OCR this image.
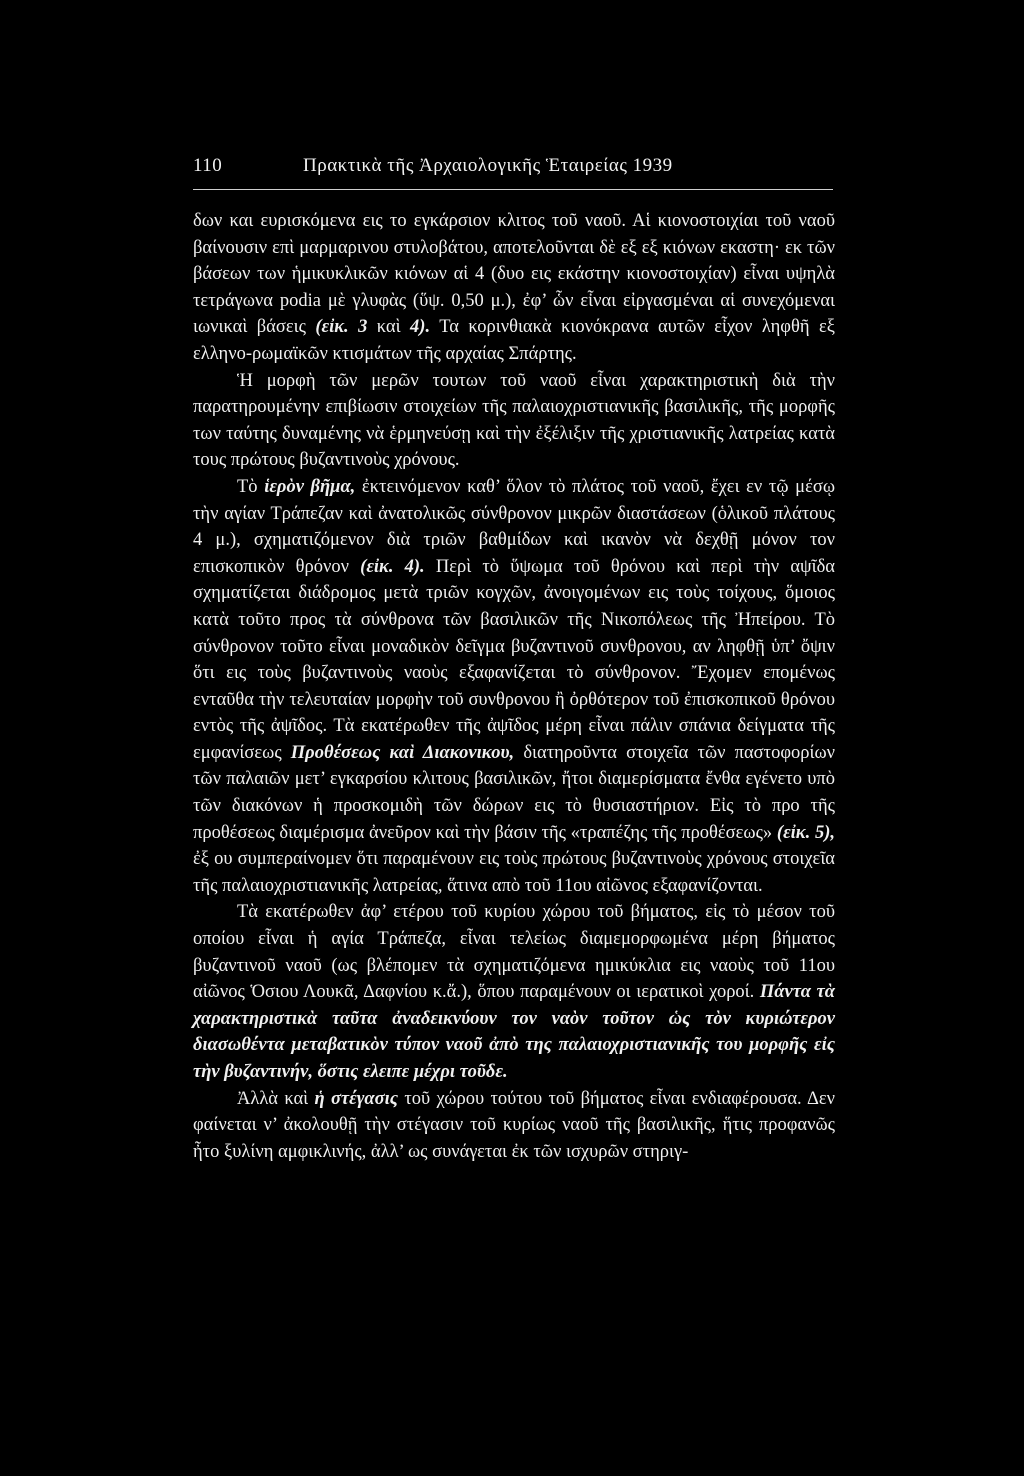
110	Πρακτικὰ τῆς Ἀρχαιολογικῆς Ἑταιρείας 1939

δων και ευρισκόμενα εις το εγκάρσιον κλιτος τοῦ ναοῦ. Αἱ κιονοστοιχίαι τοῦ ναοῦ βαίνουσιν επὶ μαρμαρινου στυλοβάτου, αποτελοῦνται δὲ εξ εξ κιόνων εκαστη· εκ τῶν βάσεων των ἡμικυκλικῶν κιόνων αἱ 4 (δυο εις εκάστην κιονοστοιχίαν) εἶναι υψηλὰ τετράγωνα podia μὲ γλυφὰς (ὕψ. 0,50 μ.), ἐφ’ ὧν εἶναι εἰργασμέναι αἱ συνεχόμεναι ιωνικαὶ βάσεις (εἰκ. 3 καὶ 4). Τα κορινθιακὰ κιονόκρανα αυτῶν εἶχον ληφθῆ εξ ελληνο-ρωμαϊκῶν κτισμάτων τῆς αρχαίας Σπάρτης.

Ἡ μορφὴ τῶν μερῶν τουτων τοῦ ναοῦ εἶναι χαρακτηριστικὴ διὰ τὴν παρατηρουμένην επιβίωσιν στοιχείων τῆς παλαιοχριστιανικῆς βασιλικῆς, τῆς μορφῆς των ταύτης δυναμένης νὰ ἑρμηνεύσῃ καὶ τὴν ἐξέλιξιν τῆς χριστιανικῆς λατρείας κατὰ τους πρώτους βυζαντινοὺς χρόνους.

Τὸ ἱερὸν βῆμα, ἐκτεινόμενον καθ’ ὅλον τὸ πλάτος τοῦ ναοῦ, ἔχει εν τῷ μέσῳ τὴν αγίαν Τράπεζαν καὶ ἀνατολικῶς σύνθρονον μικρῶν διαστάσεων (ὁλικοῦ πλάτους 4 μ.), σχηματιζόμενον διὰ τριῶν βαθμίδων καὶ ικανὸν νὰ δεχθῇ μόνον τον επισκοπικὸν θρόνον (εἰκ. 4). Περὶ τὸ ὕψωμα τοῦ θρόνου καὶ περὶ τὴν αψῖδα σχηματίζεται διάδρομος μετὰ τριῶν κογχῶν, ἀνοιγομένων εις τοὺς τοίχους, ὅμοιος κατὰ τοῦτο προς τὰ σύνθρονα τῶν βασιλικῶν τῆς Νικοπόλεως τῆς Ἠπείρου. Τὸ σύνθρονον τοῦτο εἶναι μοναδικὸν δεῖγμα βυζαντινοῦ συνθρονου, αν ληφθῇ ὑπ’ ὄψιν ὅτι εις τοὺς βυζαντινοὺς ναοὺς εξαφανίζεται τὸ σύνθρονον. Ἔχομεν επομένως ενταῦθα τὴν τελευταίαν μορφὴν τοῦ συνθρονου ἢ ὀρθότερον τοῦ ἐπισκοπικοῦ θρόνου εντὸς τῆς ἀψῖδος. Τὰ εκατέρωθεν τῆς ἀψῖδος μέρη εἶναι πάλιν σπάνια δείγματα τῆς εμφανίσεως Προθέσεως καὶ Διακονικου, διατηροῦντα στοιχεῖα τῶν παστοφορίων τῶν παλαιῶν μετ’ εγκαρσίου κλιτους βασιλικῶν, ἤτοι διαμερίσματα ἔνθα εγένετο υπὸ τῶν διακόνων ἡ προσκομιδὴ τῶν δώρων εις τὸ θυσιαστήριον. Εἰς τὸ προ τῆς προθέσεως διαμέρισμα ἀνεῦρον καὶ τὴν βάσιν τῆς «τραπέζης τῆς προθέσεως» (εἰκ. 5), ἐξ ου συμπεραίνομεν ὅτι παραμένουν εις τοὺς πρώτους βυζαντινοὺς χρόνους στοιχεῖα τῆς παλαιοχριστιανικῆς λατρείας, ἅτινα απὸ τοῦ 11ου αἰῶνος εξαφανίζονται.

Τὰ εκατέρωθεν ἀφ’ ετέρου τοῦ κυρίου χώρου τοῦ βήματος, εἰς τὸ μέσον τοῦ οποίου εἶναι ἡ αγία Τράπεζα, εἶναι τελείως διαμεμορφωμένα μέρη βήματος βυζαντινοῦ ναοῦ (ως βλέπομεν τὰ σχηματιζόμενα ημικύκλια εις ναοὺς τοῦ 11ου αἰῶνος Ὁσιου Λουκᾶ, Δαφνίου κ.ἄ.), ὅπου παραμένουν οι ιερατικοὶ χοροί. Πάντα τὰ χαρακτηριστικὰ ταῦτα ἀναδεικνύουν τον ναὸν τοῦτον ὡς τὸν κυριώτερον διασωθέντα μεταβατικὸν τύπον ναοῦ ἀπὸ της παλαιοχριστιανικῆς του μορφῆς εἰς τὴν βυζαντινήν, ὅστις ελειπε μέχρι τοῦδε.

Ἀλλὰ καὶ ἡ στέγασις τοῦ χώρου τούτου τοῦ βήματος εἶναι ενδιαφέρουσα. Δεν φαίνεται ν’ ἀκολουθῇ τὴν στέγασιν τοῦ κυρίως ναοῦ τῆς βασιλικῆς, ἥτις προφανῶς ἦτο ξυλίνη αμφικλινής, ἀλλ’ ως συνάγεται ἐκ τῶν ισχυρῶν στηριγ-
